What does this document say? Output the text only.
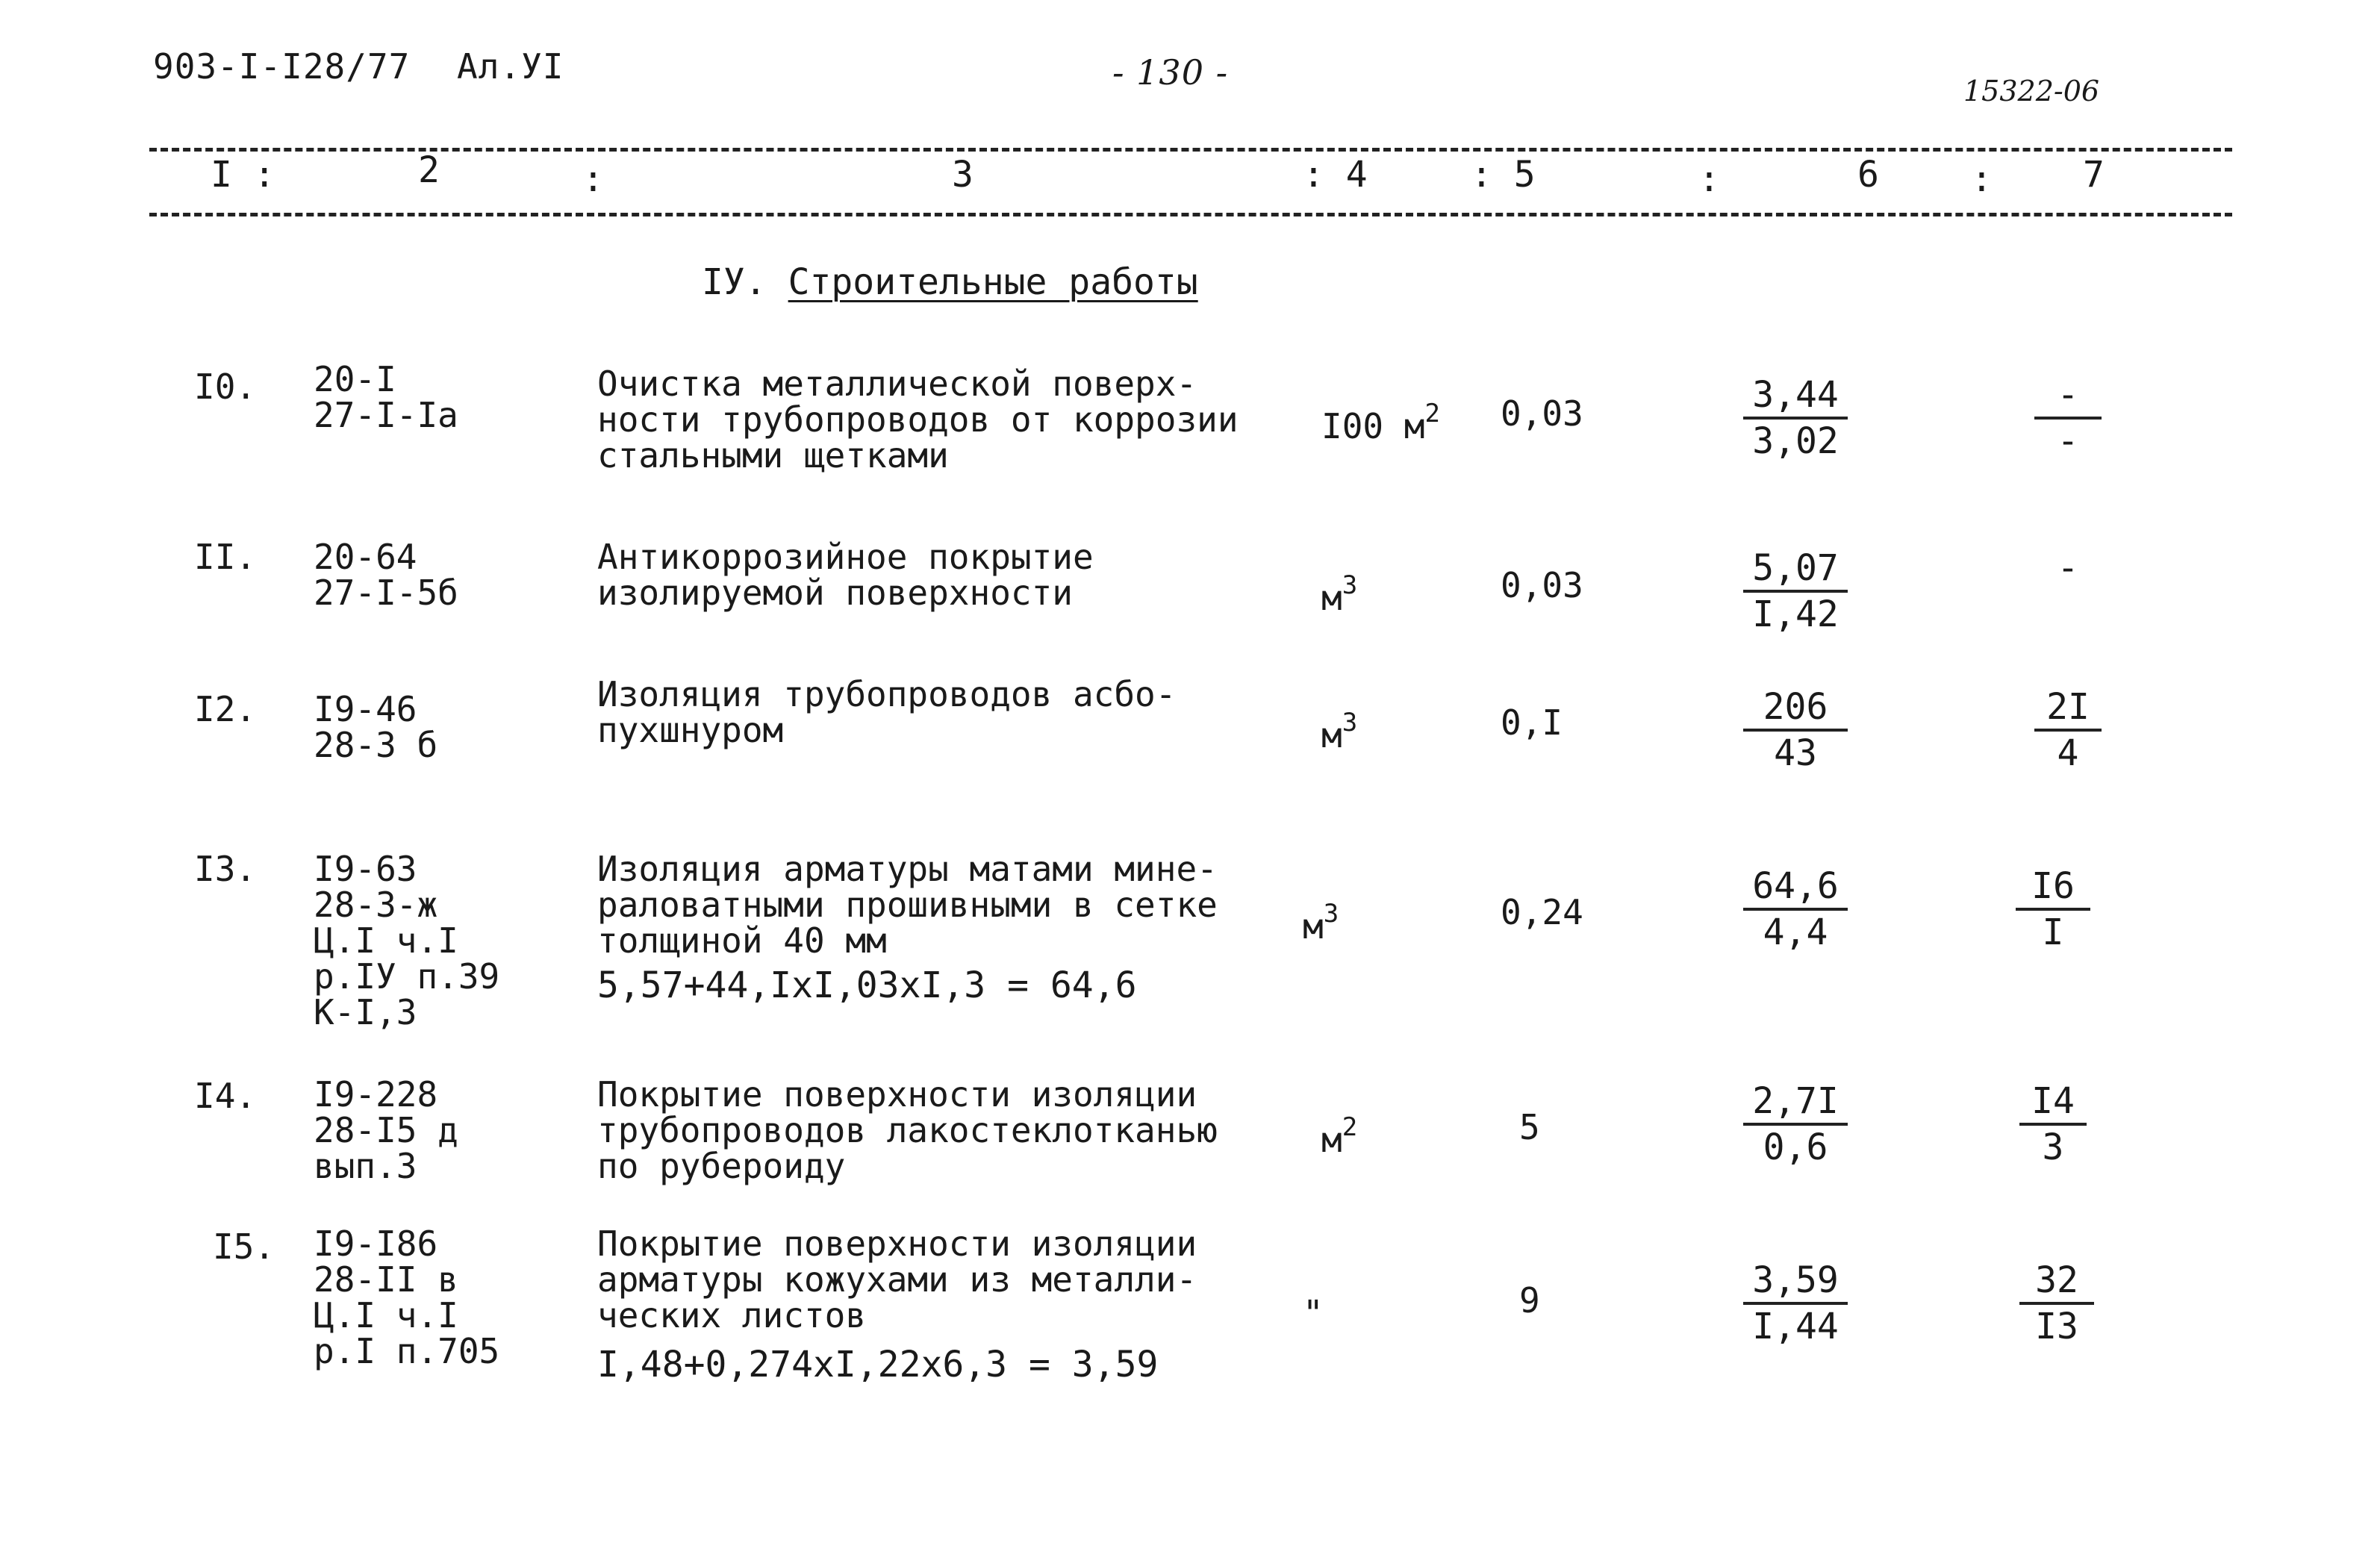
903-I-I28/77 Ал.УI	- 130 -	15322-06
I :	2	:	3	: 4	: 5	:	6	:	7
IУ. Строительные работы
I0. 20-I
27-I-Iа
Очистка металлической поверх-
ности трубопроводов от коррозии
стальными щетками
I00 $м^2$ 0,03	$\frac{3,44}{3,02}$	-
-
II. 20-64
27-I-5б
Антикоррозийное покрытие
изолируемой поверхности	$м^3$	0,03	$\frac{5,07}{I,42}$	-
I2. I9-46
28-3 б
Изоляция трубопроводов асбо-
пухшнуром	$м^3$	0,I	$\frac{206}{43}$	$\frac{2I}{4}$
I3. I9-63
28-3-ж
Ц.I ч.I
р.IУ п.39
К-I,3
Изоляция арматуры матами мине-
раловатными прошивными в сетке
толщиной 40 мм
5,57+44,IxI,03xI,3 = 64,6
$м^3$	0,24	$\frac{64,6}{4,4}$	$\frac{I6}{I}$
I4. I9-228
28-I5 д
вып.3
Покрытие поверхности изоляции
трубопроводов лакостеклотканью
по рубероиду
$м^2$	5	$\frac{2,7I}{0,6}$	$\frac{I4}{3}$
I5. I9-I86
28-II в
Ц.I ч.I
р.I п.705
Покрытие поверхности изоляции
арматуры кожухами из металли-
ческих листов
I,48+0,274xI,22x6,3 = 3,59
"	9	$\frac{3,59}{I,44}$	$\frac{32}{I3}$
